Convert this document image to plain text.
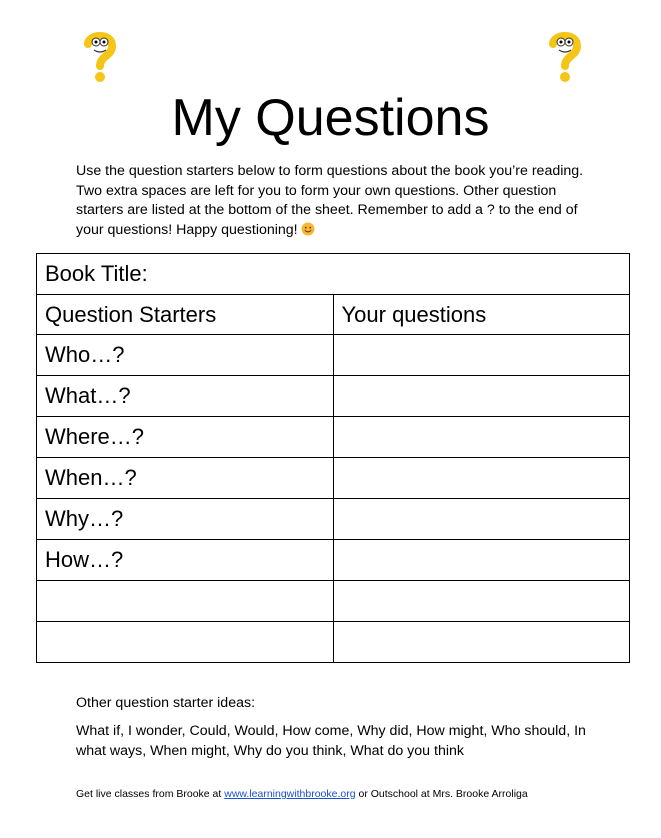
My Questions

Use the question starters below to form questions about the book you’re reading. Two extra spaces are left for you to form your own questions. Other question starters are listed at the bottom of the sheet. Remember to add a ? to the end of your questions! Happy questioning!

Book Title:	
Question Starters	Your questions
Who…?	
What…?	
Where…?	
When…?	
Why…?	
How…?	

Other question starter ideas:
What if, I wonder, Could, Would, How come, Why did, How might, Who should, In what ways, When might, Why do you think, What do you think
Get live classes from Brooke at www.learningwithbrooke.org or Outschool at Mrs. Brooke Arroliga
